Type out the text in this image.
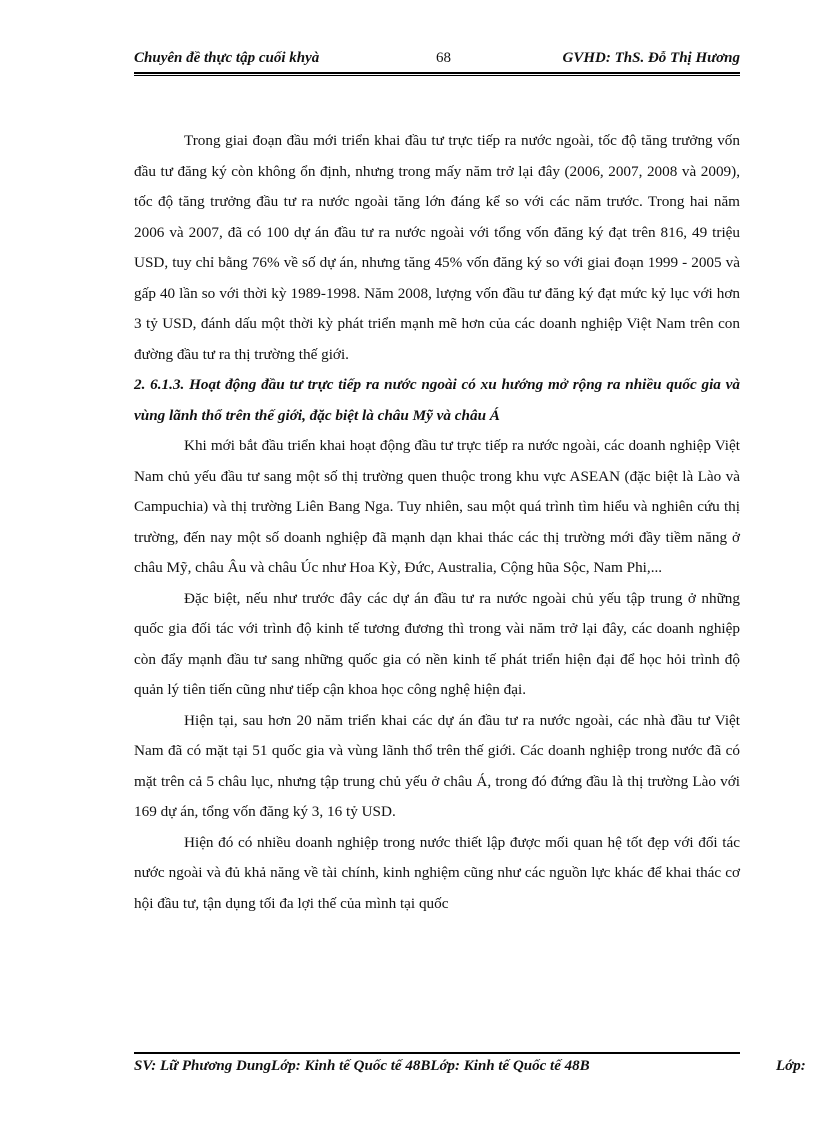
Chuyên đề thực tập cuối khyà	68	GVHD: ThS. Đỗ Thị Hương

Trong giai đoạn đầu mới triển khai đầu tư trực tiếp ra nước ngoài, tốc độ tăng trưởng vốn đầu tư đăng ký còn không ổn định, nhưng trong mấy năm trở lại đây (2006, 2007, 2008 và 2009), tốc độ tăng trưởng đầu tư ra nước ngoài tăng lớn đáng kể so với các năm trước. Trong hai năm 2006 và 2007, đã có 100 dự án đầu tư ra nước ngoài với tổng vốn đăng ký đạt trên 816, 49 triệu USD, tuy chỉ bằng 76% về số dự án, nhưng tăng 45% vốn đăng ký so với giai đoạn 1999 - 2005 và gấp 40 lần so với thời kỳ 1989-1998. Năm 2008, lượng vốn đầu tư đăng ký đạt mức kỷ lục với hơn 3 tỷ USD, đánh dấu một thời kỳ phát triển mạnh mẽ hơn của các doanh nghiệp Việt Nam trên con đường đầu tư ra thị trường thế giới.

2. 6.1.3. Hoạt động đầu tư trực tiếp ra nước ngoài có xu hướng mở rộng ra nhiều quốc gia và vùng lãnh thổ trên thế giới, đặc biệt là châu Mỹ và châu Á

Khi mới bắt đầu triển khai hoạt động đầu tư trực tiếp ra nước ngoài, các doanh nghiệp Việt Nam chủ yếu đầu tư sang một số thị trường quen thuộc trong khu vực ASEAN (đặc biệt là Lào và Campuchia) và thị trường Liên Bang Nga. Tuy nhiên, sau một quá trình tìm hiểu và nghiên cứu thị trường, đến nay một số doanh nghiệp đã mạnh dạn khai thác các thị trường mới đầy tiềm năng ở châu Mỹ, châu Âu và châu Úc như Hoa Kỳ, Đức, Australia, Cộng hũa Sộc, Nam Phi,...

Đặc biệt, nếu như trước đây các dự án đầu tư ra nước ngoài chủ yếu tập trung ở những quốc gia đối tác với trình độ kinh tế tương đương thì trong vài năm trở lại đây, các doanh nghiệp còn đẩy mạnh đầu tư sang những quốc gia có nền kinh tế phát triển hiện đại để học hỏi trình độ quản lý tiên tiến cũng như tiếp cận khoa học công nghệ hiện đại.

Hiện tại, sau hơn 20 năm triển khai các dự án đầu tư ra nước ngoài, các nhà đầu tư Việt Nam đã có mặt tại 51 quốc gia và vùng lãnh thổ trên thế giới. Các doanh nghiệp trong nước đã có mặt trên cả 5 châu lục, nhưng tập trung chủ yếu ở châu Á, trong đó đứng đầu là thị trường Lào với 169 dự án, tổng vốn đăng ký 3, 16 tỷ USD.

Hiện đó có nhiều doanh nghiệp trong nước thiết lập được mối quan hệ tốt đẹp với đối tác nước ngoài và đủ khả năng về tài chính, kinh nghiệm cũng như các nguồn lực khác để khai thác cơ hội đầu tư, tận dụng tối đa lợi thế của mình tại quốc

SV: Lữ Phương DungLớp: Kinh tế Quốc tế 48BLớp: Kinh tế Quốc tế 48B	Lớp:
